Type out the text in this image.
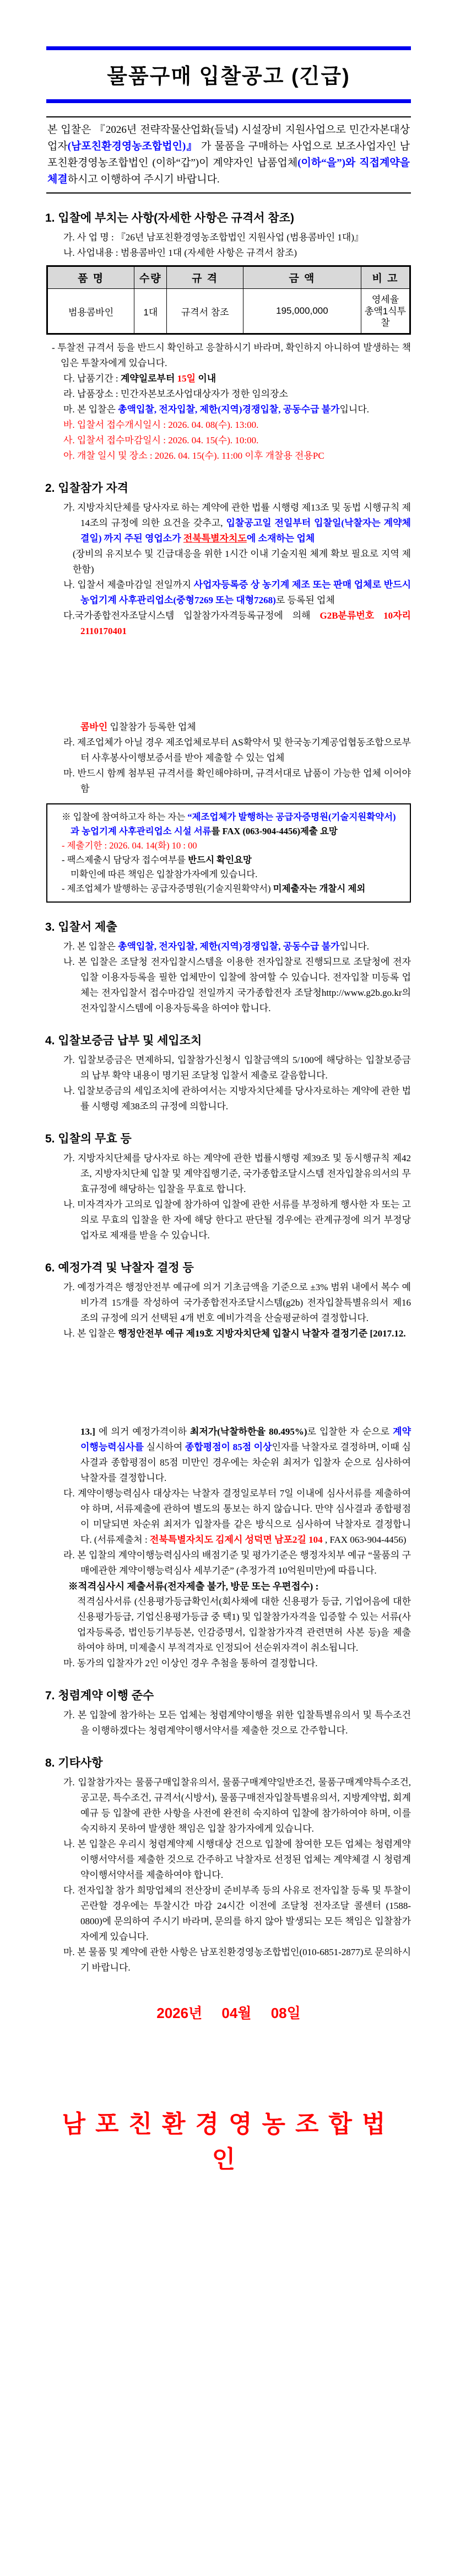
물품구매 입찰공고 (긴급)
본 입찰은 『2026년 전략작물산업화(들녘) 시설장비 지원사업으로 민간자본대상업자(남포친환경영농조합법인)』 가 물품을 구매하는 사업으로 보조사업자인 남포친환경영농조합법인 (이하“갑”)이 계약자인 납품업체(이하“을”)와 직접계약을 체결하시고 이행하여 주시기 바랍니다.
1. 입찰에 부치는 사항(자세한 사항은 규격서 참조)
가. 사 업 명 : 『26년 남포친환경영농조합법인 지원사업 (범용콤바인 1대)』
나. 사업내용 : 범용콤바인 1대 (자세한 사항은 규격서 참조)
품 명	수량	규 격	금 액	비 고
범용콤바인	1대	규격서 참조	195,000,000	영세율
총액1식투찰
- 투찰전 규격서 등을 반드시 확인하고 응찰하시기 바라며, 확인하지 아니하여 발생하는 책임은 투찰자에게 있습니다.
다. 납품기간 : 계약일로부터 15일 이내
라. 납품장소 : 민간자본보조사업대상자가 정한 임의장소
마. 본 입찰은 총액입찰, 전자입찰, 제한(지역)경쟁입찰, 공동수급 불가입니다.
바. 입찰서 접수개시일시 : 2026. 04. 08(수). 13:00.
사. 입찰서 접수마감일시 : 2026. 04. 15(수). 10:00.
아. 개찰 일시 및 장소 : 2026. 04. 15(수). 11:00 이후 개찰용 전용PC
2. 입찰참가 자격
가. 지방자치단체를 당사자로 하는 계약에 관한 법률 시행령 제13조 및 동법 시행규칙 제14조의 규정에 의한 요건을 갖추고, 입찰공고일 전일부터 입찰일(낙찰자는 계약체결일) 까지 주된 영업소가 전북특별자치도에 소재하는 업체
(장비의 유지보수 및 긴급대응을 위한 1시간 이내 기술지원 체계 확보 필요로 지역 제한함)
나. 입찰서 제출마감일 전일까지 사업자등록증 상 농기계 제조 또는 판매 업체로 반드시 농업기계 사후관리업소(중형7269 또는 대형7268)로 등록된 업체
다.국가종합전자조달시스템 입찰참가자격등록규정에 의해 G2B분류번호 10자리2110170401
콤바인 입찰참가 등록한 업체
라. 제조업체가 아닐 경우 제조업체로부터 AS확약서 및 한국농기계공업협동조합으로부터 사후봉사이행보증서를 받아 제출할 수 있는 업체
마. 반드시 함께 첨부된 규격서를 확인해야하며, 규격서대로 납품이 가능한 업체 이어야 함
※ 입찰에 참여하고자 하는 자는 “제조업체가 발행하는 공급자증명원(기술지원확약서)과 농업기계 사후관리업소 시설 서류를 FAX (063-904-4456)제출 요망
- 제출기한 : 2026. 04. 14(화) 10 : 00
- 팩스제출시 담당자 접수여부를 반드시 확인요망
미확인에 따른 책임은 입찰참가자에게 있습니다.
- 제조업체가 발행하는 공급자증명원(기술지원확약서) 미제출자는 개찰시 제외
3. 입찰서 제출
가. 본 입찰은 총액입찰, 전자입찰, 제한(지역)경쟁입찰, 공동수급 불가입니다.
나. 본 입찰은 조달청 전자입찰시스템을 이용한 전자입찰로 진행되므로 조달청에 전자입찰 이용자등록을 필한 업체만이 입찰에 참여할 수 있습니다. 전자입찰 미등록 업체는 전자입찰서 접수마감일 전일까지 국가종합전자 조달청http://www.g2b.go.kr의 전자입찰시스템에 이용자등록을 하여야 합니다.
4. 입찰보증금 납부 및 세입조치
가. 입찰보증금은 면제하되, 입찰참가신청시 입찰금액의 5/100에 해당하는 입찰보증금의 납부 확약 내용이 명기된 조달청 입찰서 제출로 갈음합니다.
나. 입찰보증금의 세입조치에 관하여서는 지방자치단체를 당사자로하는 계약에 관한 법률 시행령 제38조의 규정에 의합니다.
5. 입찰의 무효 등
가. 지방자치단체를 당사자로 하는 계약에 관한 법률시행령 제39조 및 동시행규칙 제42조, 지방자치단체 입찰 및 계약집행기준, 국가종합조달시스템 전자입찰유의서의 무효규정에 해당하는 입찰을 무효로 합니다.
나. 미자격자가 고의로 입찰에 참가하여 입찰에 관한 서류를 부정하게 행사한 자 또는 고의로 무효의 입찰을 한 자에 해당 한다고 판단될 경우에는 관계규정에 의거 부정당업자로 제재를 받을 수 있습니다.
6. 예정가격 및 낙찰자 결정 등
가. 예정가격은 행정안전부 예규에 의거 기초금액을 기준으로 ±3% 범위 내에서 복수 예비가격 15개를 작성하여 국가종합전자조달시스템(g2b) 전자입찰특별유의서 제16조의 규정에 의거 선택된 4개 번호 예비가격을 산술평균하여 결정합니다.
나. 본 입찰은 행정안전부 예규 제19호 지방자치단체 입찰시 낙찰자 결정기준 [2017.12.
13.] 에 의거 예정가격이하 최저가(낙찰하한율 80.495%)로 입찰한 자 순으로 계약이행능력심사를 실시하여 종합평점이 85점 이상인자를 낙찰자로 결정하며, 이때 심사결과 종합평점이 85점 미만인 경우에는 차순위 최저가 입찰자 순으로 심사하여 낙찰자를 결정합니다.
다. 계약이행능력심사 대상자는 낙찰자 결정일로부터 7일 이내에 심사서류를 제출하여야 하며, 서류제출에 관하여 별도의 통보는 하지 않습니다. 만약 심사결과 종합평점이 미달되면 차순위 최저가 입찰자를 같은 방식으로 심사하여 낙찰자로 결정합니다. (서류제출처 : 전북특별자치도 김제시 성덕면 남포2길 104 , FAX 063-904-4456)
라. 본 입찰의 계약이행능력심사의 배점기준 및 평가기준은 행정자치부 예규 “물품의 구매에관한 계약이행능력심사 세부기준” (추정가격 10억원미만)에 따릅니다.
※적격심사시 제출서류(전자제출 불가, 방문 또는 우편접수) :
적격심사서류 (신용평가등급확인서(회사채에 대한 신용평가 등급, 기업어음에 대한 신용평가등급, 기업신용평가등급 중 택1) 및 입찰참가자격을 입증할 수 있는 서류(사업자등록증, 법인등기부등본, 인감증명서, 입찰참가자격 관련면허 사본 등)을 제출하여야 하며, 미제출시 부적격자로 인정되어 선순위자격이 취소됩니다.
마. 동가의 입찰자가 2인 이상인 경우 추첨을 통하여 결정합니다.
7. 청렴계약 이행 준수
가. 본 입찰에 참가하는 모든 업체는 청렴계약이행을 위한 입찰특별유의서 및 특수조건을 이행하겠다는 청렴계약이행서약서를 제출한 것으로 간주합니다.
8. 기타사항
가. 입찰참가자는 물품구매입찰유의서, 물품구매계약일반조건, 물품구매계약특수조건, 공고문, 특수조건, 규격서(시방서), 물품구매전자입찰특별유의서, 지방계약법, 회계예규 등 입찰에 관한 사항을 사전에 완전히 숙지하여 입찰에 참가하여야 하며, 이를 숙지하지 못하여 발생한 책임은 입찰 참가자에게 있습니다.
나. 본 입찰은 우리시 청렴계약제 시행대상 건으로 입찰에 참여한 모든 업체는 청렴계약이행서약서를 제출한 것으로 간주하고 낙찰자로 선정된 업체는 계약체결 시 청렴계약이행서약서를 제출하여야 합니다.
다. 전자입찰 참가 희망업체의 전산장비 준비부족 등의 사유로 전자입찰 등록 및 투찰이 곤란할 경우에는 투찰시간 마감 24시간 이전에 조달청 전자조달 콜센터 (1588-0800)에 문의하여 주시기 바라며, 문의를 하지 않아 발생되는 모든 책임은 입찰참가자에게 있습니다.
마. 본 물품 및 계약에 관한 사항은 남포친환경영농조합법인(010-6851-2877)로 문의하시기 바랍니다.
2026년 04월 08일
남포친환경영농조합법인
